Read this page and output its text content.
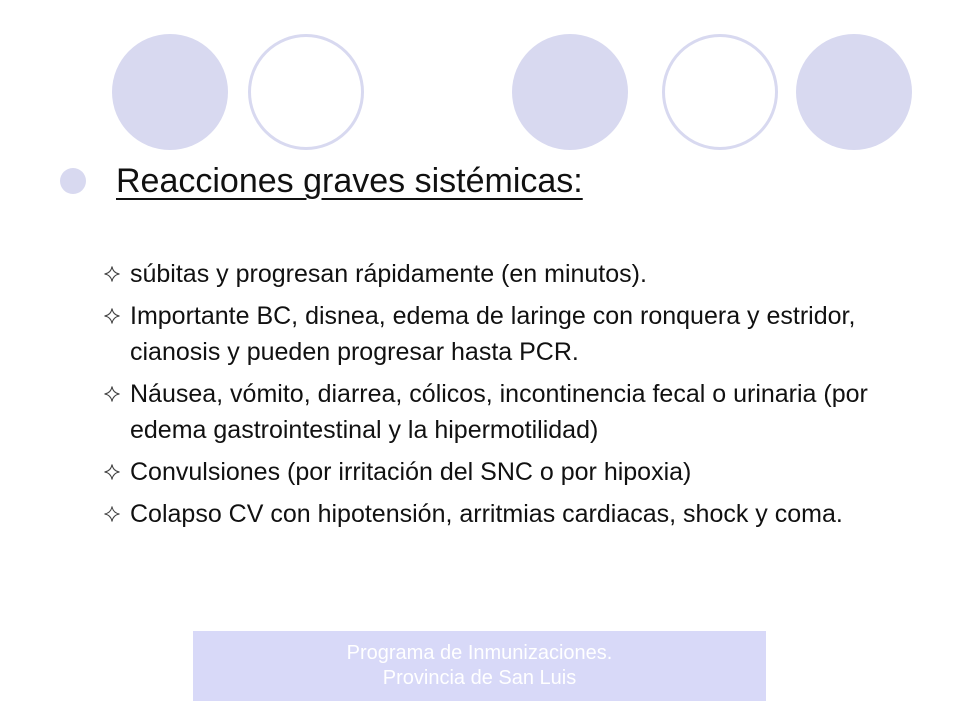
Reacciones graves sistémicas:
súbitas y progresan rápidamente (en minutos).
Importante BC, disnea, edema de laringe con ronquera y estridor, cianosis y pueden progresar hasta PCR.
Náusea, vómito, diarrea, cólicos, incontinencia fecal o urinaria (por edema gastrointestinal y la hipermotilidad)
Convulsiones (por irritación del SNC o por hipoxia)
Colapso CV con hipotensión, arritmias cardiacas, shock y coma.
Programa de Inmunizaciones.
Provincia de San Luis
